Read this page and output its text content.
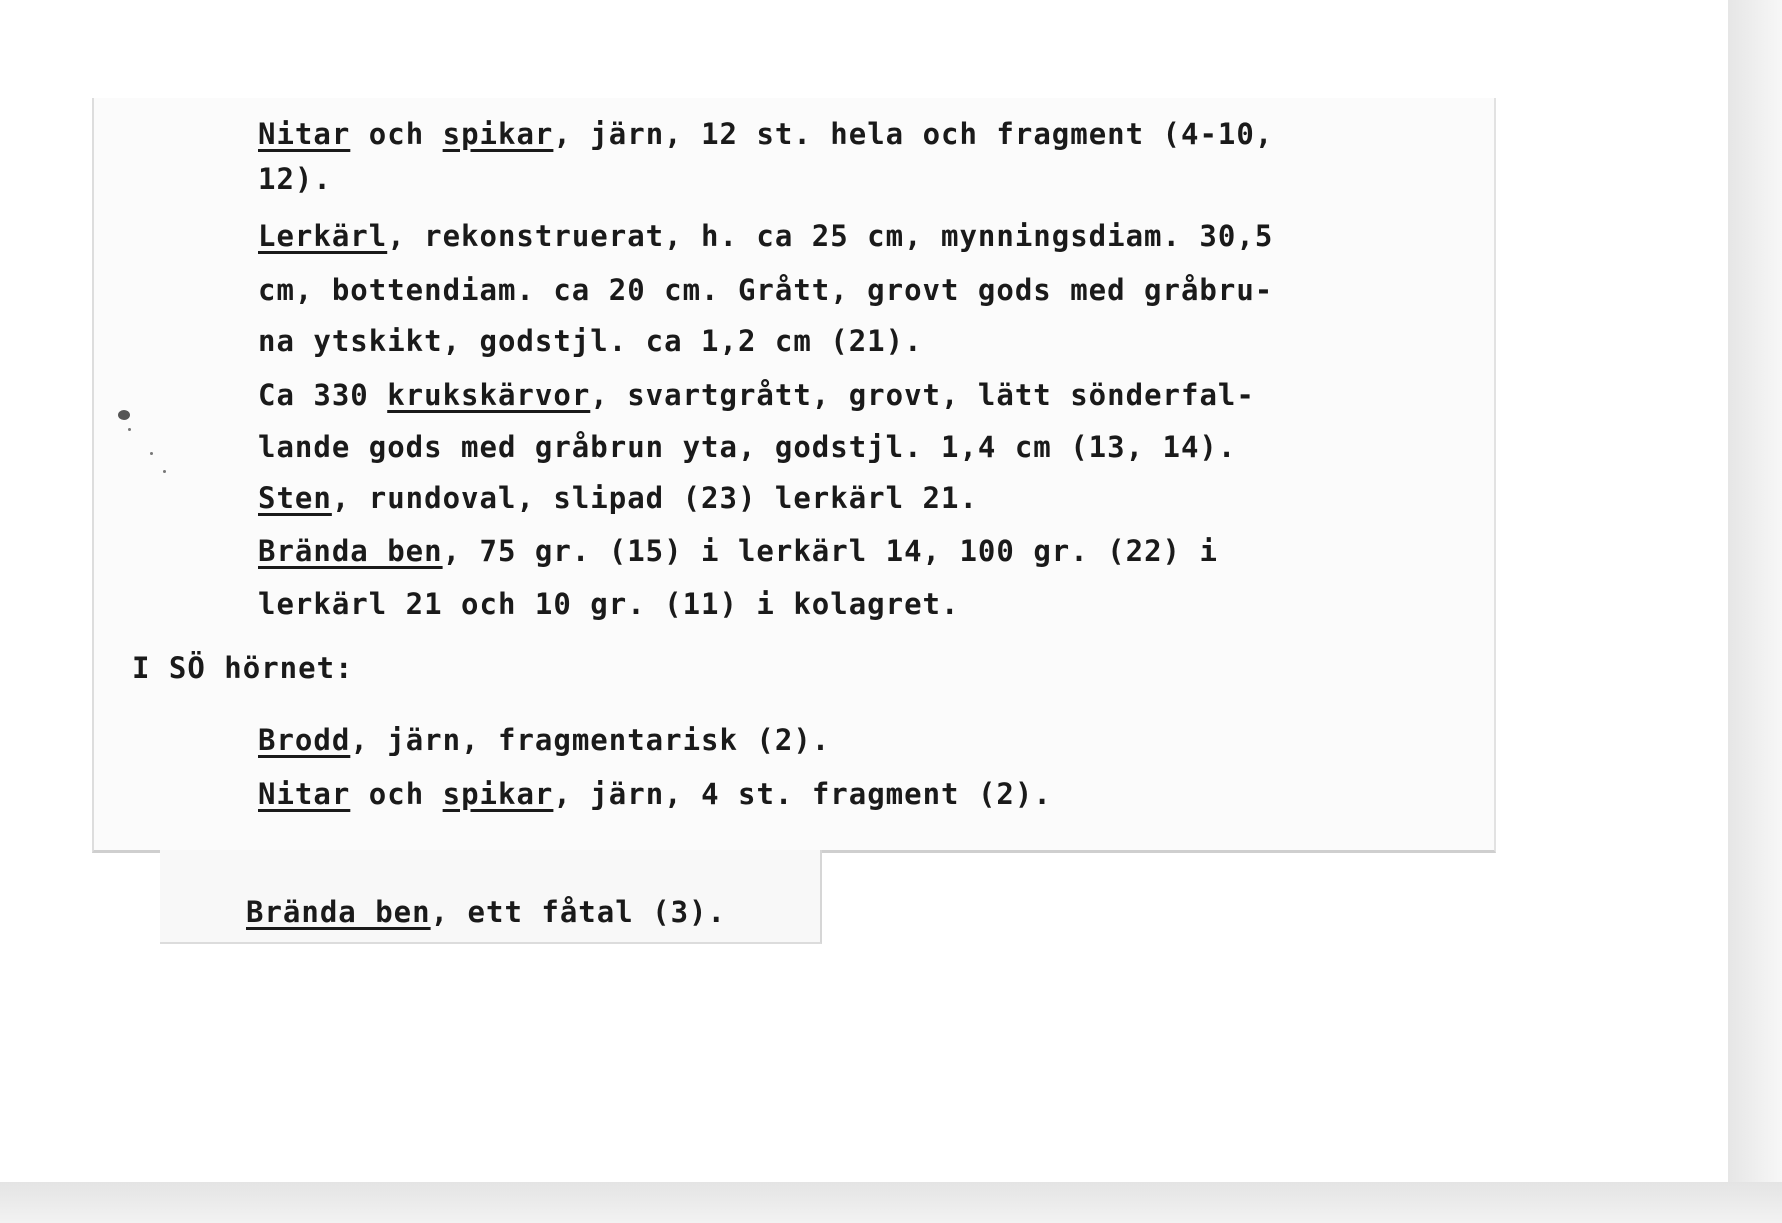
Nitar och spikar, järn, 12 st. hela och fragment (4-10,
12).
Lerkärl, rekonstruerat, h. ca 25 cm, mynningsdiam. 30,5
cm, bottendiam. ca 20 cm. Grått, grovt gods med gråbru-
na ytskikt, godstjl. ca 1,2 cm (21).
Ca 330 krukskärvor, svartgrått, grovt, lätt sönderfal-
lande gods med gråbrun yta, godstjl. 1,4 cm (13, 14).
Sten, rundoval, slipad (23) lerkärl 21.
Brända ben, 75 gr. (15) i lerkärl 14, 100 gr. (22) i
lerkärl 21 och 10 gr. (11) i kolagret.
I SÖ hörnet:
Brodd, järn, fragmentarisk (2).
Nitar och spikar, järn, 4 st. fragment (2).
Brända ben, ett fåtal (3).
